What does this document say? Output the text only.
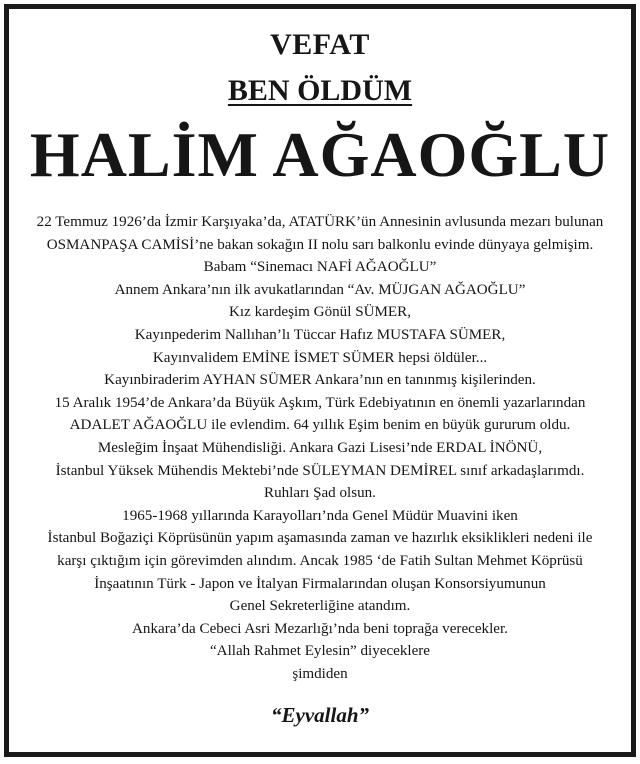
VEFAT
BEN ÖLDÜM
HALİM AĞAOĞLU
22 Temmuz 1926’da İzmir Karşıyaka’da, ATATÜRK’ün Annesinin avlusunda mezarı bulunan
OSMANPAŞA CAMİSİ’ne bakan sokağın II nolu sarı balkonlu evinde dünyaya gelmişim.
Babam “Sinemacı NAFİ AĞAOĞLU”
Annem Ankara’nın ilk avukatlarından “Av. MÜJGAN AĞAOĞLU”
Kız kardeşim Gönül SÜMER,
Kayınpederim Nallıhan’lı Tüccar Hafız MUSTAFA SÜMER,
Kayınvalidem EMİNE İSMET SÜMER hepsi öldüler...
Kayınbiraderim AYHAN SÜMER Ankara’nın en tanınmış kişilerinden.
15 Aralık 1954’de Ankara’da Büyük Aşkım, Türk Edebiyatının en önemli yazarlarından
ADALET AĞAOĞLU ile evlendim. 64 yıllık Eşim benim en büyük gururum oldu.
Mesleğim İnşaat Mühendisliği. Ankara Gazi Lisesi’nde ERDAL İNÖNÜ,
İstanbul Yüksek Mühendis Mektebi’nde SÜLEYMAN DEMİREL sınıf arkadaşlarımdı.
Ruhları Şad olsun.
1965-1968 yıllarında Karayolları’nda Genel Müdür Muavini iken
İstanbul Boğaziçi Köprüsünün yapım aşamasında zaman ve hazırlık eksiklikleri nedeni ile
karşı çıktığım için görevimden alındım. Ancak 1985 ‘de Fatih Sultan Mehmet Köprüsü
İnşaatının Türk - Japon ve İtalyan Firmalarından oluşan Konsorsiyumunun
Genel Sekreterliğine atandım.
Ankara’da Cebeci Asri Mezarlığı’nda beni toprağa verecekler.
“Allah Rahmet Eylesin” diyeceklere
şimdiden
“Eyvallah”
